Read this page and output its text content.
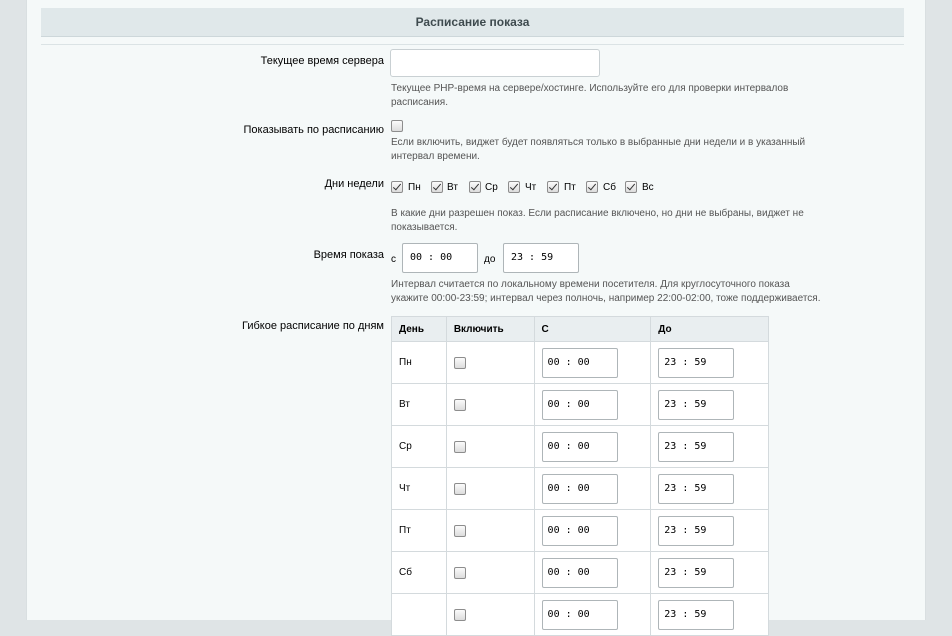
Расписание показа
Текущее время сервера
Текущее PHP-время на сервере/хостинге. Используйте его для проверки интервалов расписания.
Показывать по расписанию
Если включить, виджет будет появляться только в выбранные дни недели и в указанный интервал времени.
Дни недели Пн	Вт	Ср	Чт	Пт	Сб	Вс
В какие дни разрешен показ. Если расписание включено, но дни не выбраны, виджет не показывается.
Время показа с	00 : 00	до	23 : 59
Интервал считается по локальному времени посетителя. Для круглосуточного показа
укажите 00:00-23:59; интервал через полночь, например 22:00-02:00, тоже поддерживается.
Гибкое расписание по дням День	Включить	С	До
Пн		00 : 00	23 : 59

Вт		00 : 00	23 : 59

Ср		00 : 00	23 : 59

Чт		00 : 00	23 : 59

Пт		00 : 00	23 : 59

Сб		00 : 00	23 : 59

		00 : 00	23 : 59
